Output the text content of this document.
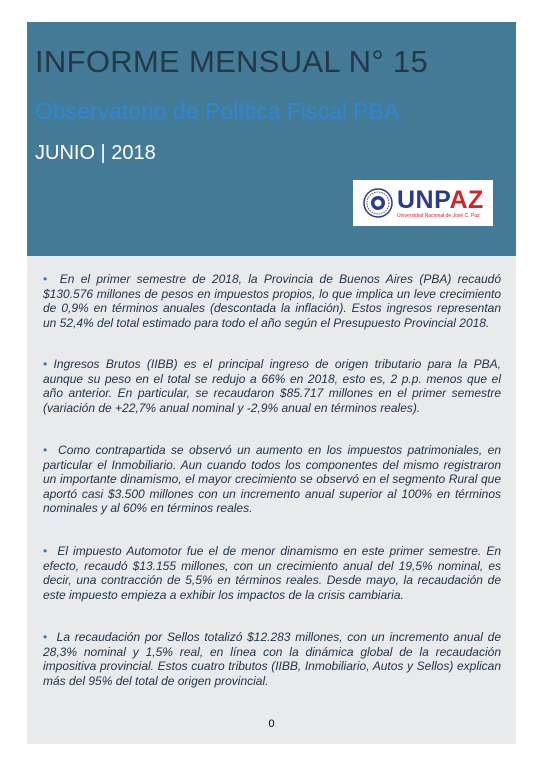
INFORME MENSUAL N° 15
Observatorio de Política Fiscal PBA
JUNIO | 2018
UNPAZ
Universidad Nacional de José C. Paz

• En el primer semestre de 2018, la Provincia de Buenos Aires (PBA) recaudó $130.576 millones de pesos en impuestos propios, lo que implica un leve crecimiento de 0,9% en términos anuales (descontada la inflación). Estos ingresos representan un 52,4% del total estimado para todo el año según el Presupuesto Provincial 2018.

• Ingresos Brutos (IIBB) es el principal ingreso de origen tributario para la PBA, aunque su peso en el total se redujo a 66% en 2018, esto es, 2 p.p. menos que el año anterior. En particular, se recaudaron $85.717 millones en el primer semestre (variación de +22,7% anual nominal y -2,9% anual en términos reales).

• Como contrapartida se observó un aumento en los impuestos patrimoniales, en particular el Inmobiliario. Aun cuando todos los componentes del mismo registraron un importante dinamismo, el mayor crecimiento se observó en el segmento Rural que aportó casi $3.500 millones con un incremento anual superior al 100% en términos nominales y al 60% en términos reales.

• El impuesto Automotor fue el de menor dinamismo en este primer semestre. En efecto, recaudó $13.155 millones, con un crecimiento anual del 19,5% nominal, es decir, una contracción de 5,5% en términos reales. Desde mayo, la recaudación de este impuesto empieza a exhibir los impactos de la crisis cambiaria.

• La recaudación por Sellos totalizó $12.283 millones, con un incremento anual de 28,3% nominal y 1,5% real, en línea con la dinámica global de la recaudación impositiva provincial. Estos cuatro tributos (IIBB, Inmobiliario, Autos y Sellos) explican más del 95% del total de origen provincial.

0
